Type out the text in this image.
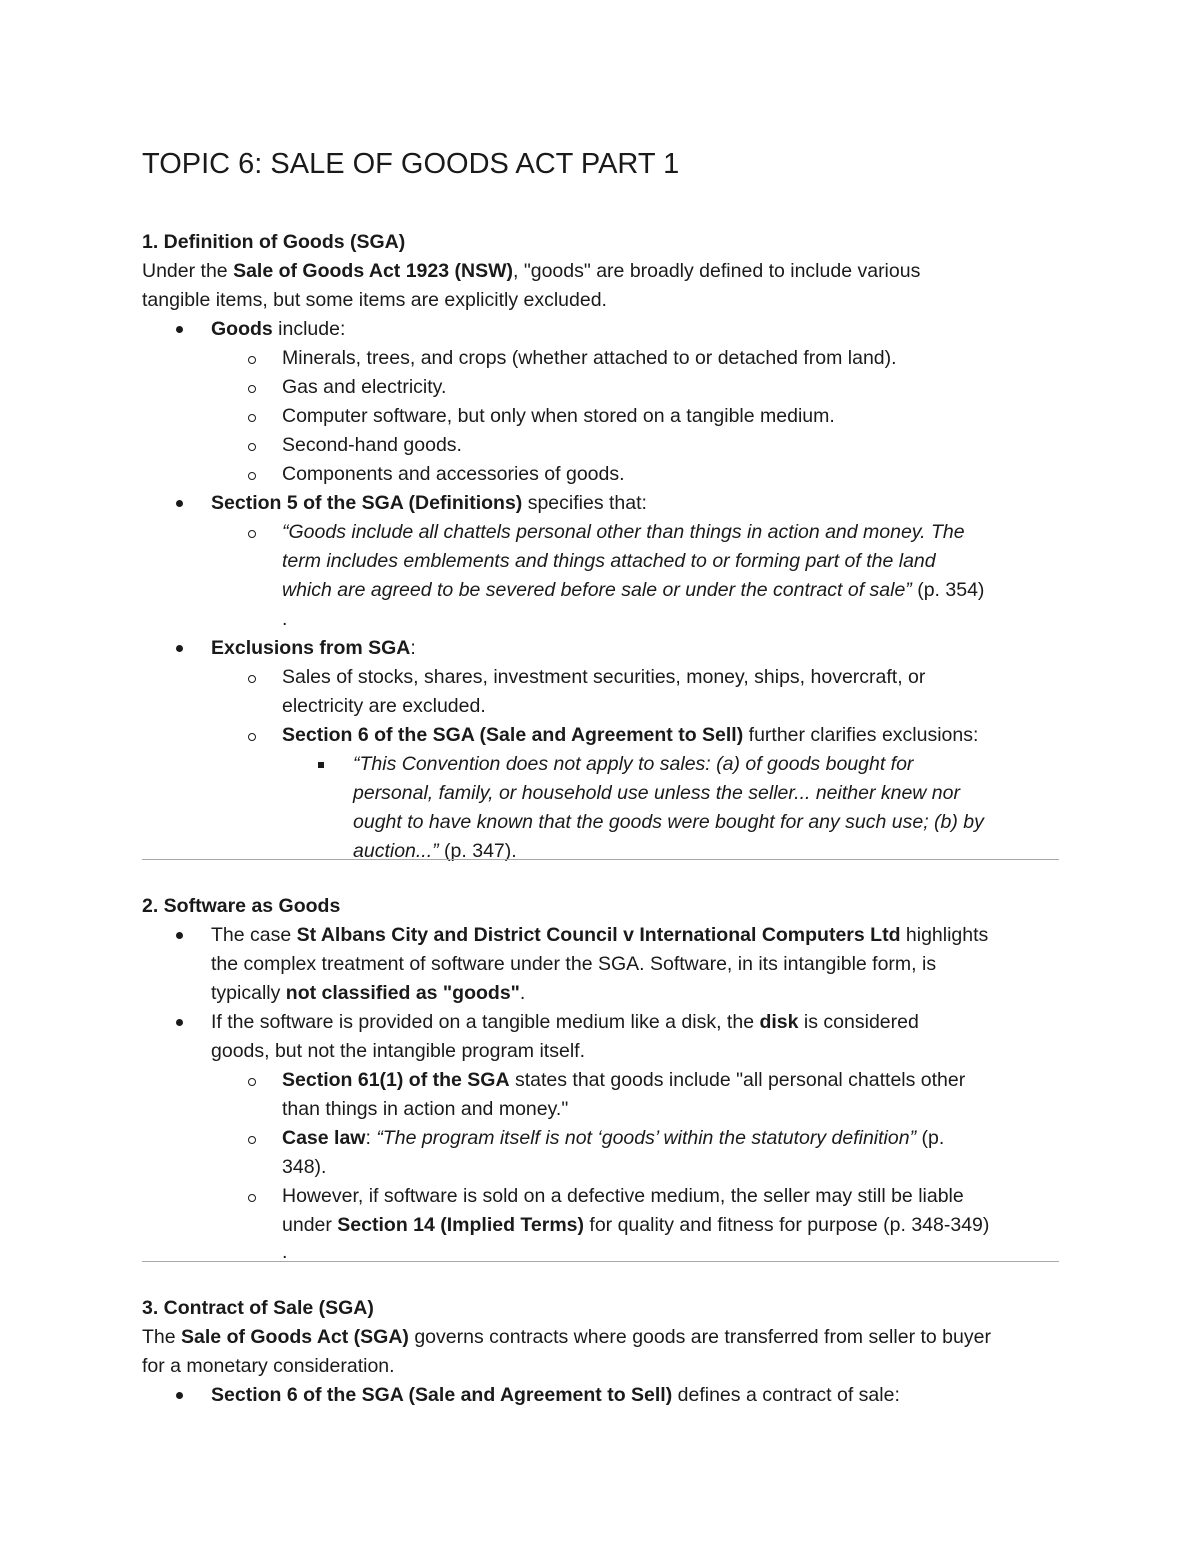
TOPIC 6: SALE OF GOODS ACT PART 1
1. Definition of Goods (SGA)
Under the Sale of Goods Act 1923 (NSW), "goods" are broadly defined to include various
tangible items, but some items are explicitly excluded.
Goods include:
Minerals, trees, and crops (whether attached to or detached from land).
Gas and electricity.
Computer software, but only when stored on a tangible medium.
Second-hand goods.
Components and accessories of goods.
Section 5 of the SGA (Definitions) specifies that:
“Goods include all chattels personal other than things in action and money. The
term includes emblements and things attached to or forming part of the land
which are agreed to be severed before sale or under the contract of sale” (p. 354)
.
Exclusions from SGA:
Sales of stocks, shares, investment securities, money, ships, hovercraft, or
electricity are excluded.
Section 6 of the SGA (Sale and Agreement to Sell) further clarifies exclusions:
“This Convention does not apply to sales: (a) of goods bought for
personal, family, or household use unless the seller... neither knew nor
ought to have known that the goods were bought for any such use; (b) by
auction...” (p. 347).
2. Software as Goods
The case St Albans City and District Council v International Computers Ltd highlights
the complex treatment of software under the SGA. Software, in its intangible form, is
typically not classified as "goods".
If the software is provided on a tangible medium like a disk, the disk is considered
goods, but not the intangible program itself.
Section 61(1) of the SGA states that goods include "all personal chattels other
than things in action and money."
Case law: “The program itself is not ‘goods’ within the statutory definition” (p.
348).
However, if software is sold on a defective medium, the seller may still be liable
under Section 14 (Implied Terms) for quality and fitness for purpose (p. 348-349)
.
3. Contract of Sale (SGA)
The Sale of Goods Act (SGA) governs contracts where goods are transferred from seller to buyer
for a monetary consideration.
Section 6 of the SGA (Sale and Agreement to Sell) defines a contract of sale:
